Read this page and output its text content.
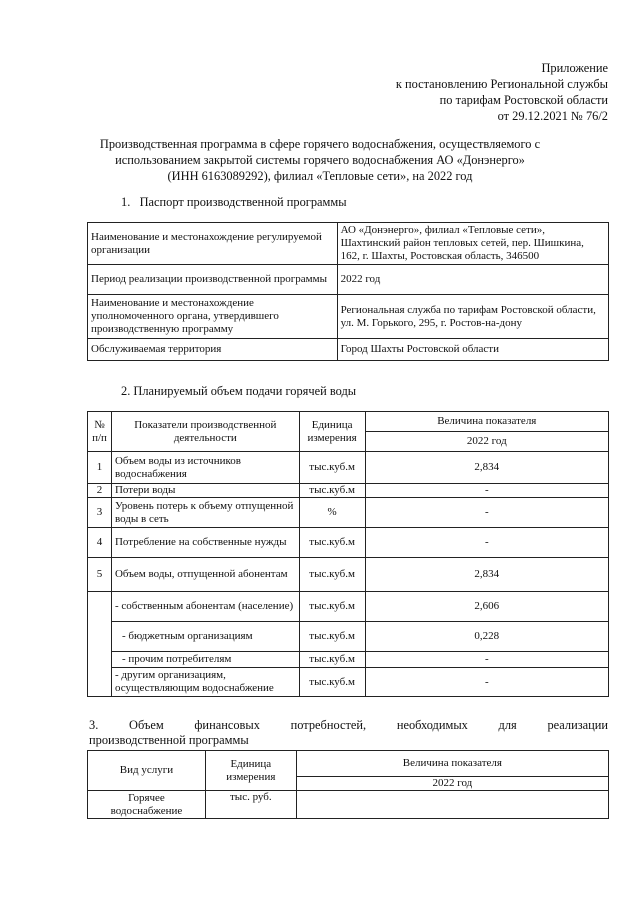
Приложение
к постановлению Региональной службы
по тарифам Ростовской области
от 29.12.2021 № 76/2
Производственная программа в сфере горячего водоснабжения, осуществляемого с
использованием закрытой системы горячего водоснабжения АО «Донэнерго»
(ИНН 6163089292), филиал «Тепловые сети», на 2022 год
1. Паспорт производственной программы
Наименование и местонахождение регулируемой организации	АО «Донэнерго», филиал «Тепловые сети», Шахтинский район тепловых сетей, пер. Шишкина, 162, г. Шахты, Ростовская область, 346500
Период реализации производственной программы	2022 год
Наименование и местонахождение уполномоченного органа, утвердившего производственную программу	Региональная служба по тарифам Ростовской области, ул. М. Горького, 295, г. Ростов-на-дону
Обслуживаемая территория	Город Шахты Ростовской области
2. Планируемый объем подачи горячей воды
№ п/п	Показатели производственной деятельности	Единица измерения	Величина показателя
			2022 год
1	Объем воды из источников водоснабжения	тыс.куб.м	2,834
2	Потери воды	тыс.куб.м	-
3	Уровень потерь к объему отпущенной воды в сеть	%	-
4	Потребление на собственные нужды	тыс.куб.м	-
5	Объем воды, отпущенной абонентам	тыс.куб.м	2,834
	- собственным абонентам (население)	тыс.куб.м	2,606
	- бюджетным организациям	тыс.куб.м	0,228
	- прочим потребителям	тыс.куб.м	-
	- другим организациям, осуществляющим водоснабжение	тыс.куб.м	-
3. Объем финансовых потребностей, необходимых для реализации
производственной программы
Вид услуги	Единица измерения	Величина показателя
		2022 год
Горячее водоснабжение	тыс. руб.	
